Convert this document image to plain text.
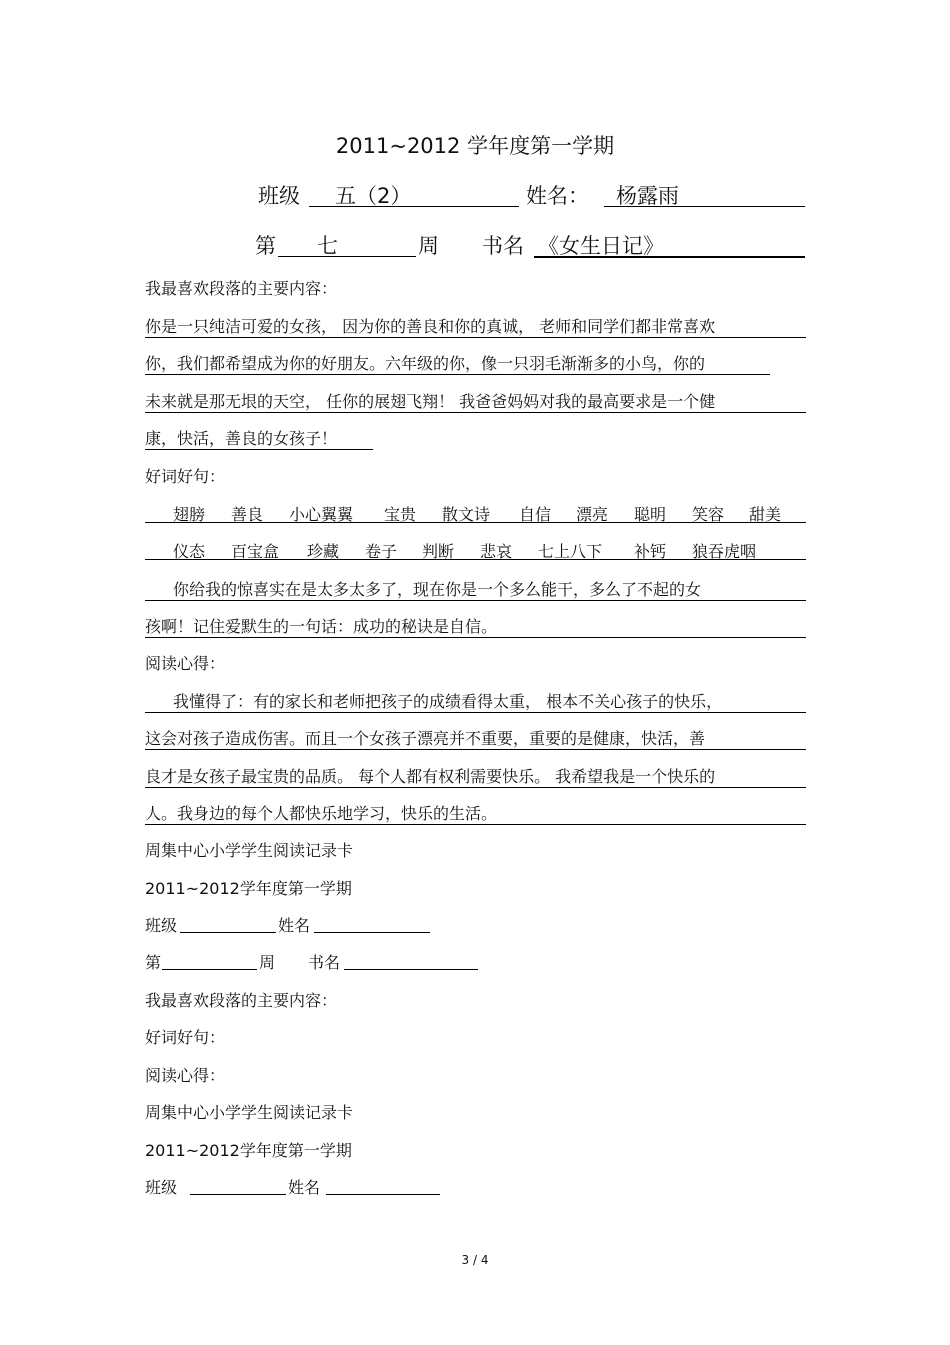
2011~2012 学年度第一学期
班级 五（2）	姓名： 杨露雨
第 七	周 书名 《女生日记》
我最喜欢段落的主要内容：
你是一只纯洁可爱的女孩， 因为你的善良和你的真诚， 老师和同学们都非常喜欢
你，我们都希望成为你的好朋友。六年级的你，像一只羽毛渐渐多的小鸟，你的
未来就是那无垠的天空， 任你的展翅飞翔！ 我爸爸妈妈对我的最高要求是一个健
康，快活，善良的女孩子！
好词好句：
翅膀 善良 小心翼翼 宝贵 散文诗 自信 漂亮 聪明 笑容 甜美
仪态 百宝盒 珍藏 卷子 判断 悲哀 七上八下 补钙 狼吞虎咽
你给我的惊喜实在是太多太多了，现在你是一个多么能干，多么了不起的女
孩啊！记住爱默生的一句话：成功的秘诀是自信。
阅读心得：
我懂得了：有的家长和老师把孩子的成绩看得太重， 根本不关心孩子的快乐，
这会对孩子造成伤害。而且一个女孩子漂亮并不重要，重要的是健康，快活，善
良才是女孩子最宝贵的品质。 每个人都有权利需要快乐。 我希望我是一个快乐的
人。我身边的每个人都快乐地学习，快乐的生活。
周集中心小学学生阅读记录卡
2011~2012学年度第一学期
班级	姓名
第	周 书名
我最喜欢段落的主要内容：
好词好句：
阅读心得：
周集中心小学学生阅读记录卡
2011~2012学年度第一学期
班级	姓名
3 / 4
